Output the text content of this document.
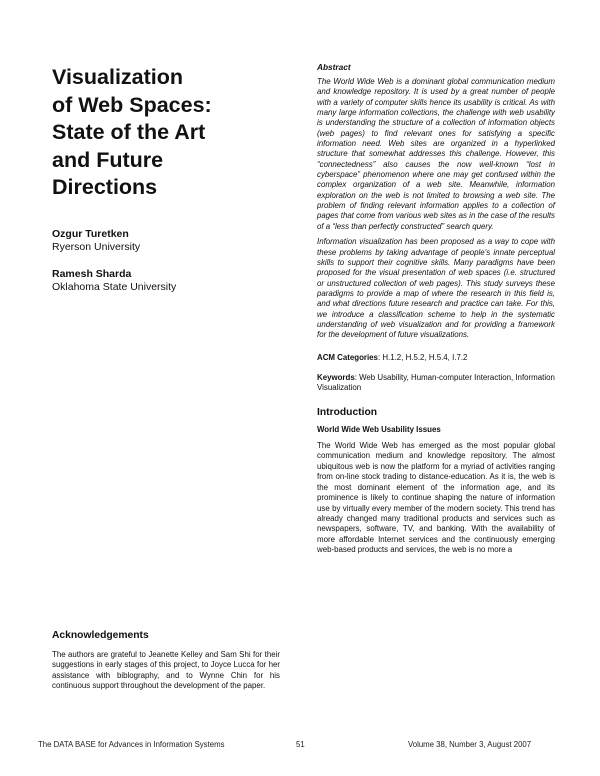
Visualization
of Web Spaces:
State of the Art
and Future
Directions

Ozgur Turetken

Ryerson University

Ramesh Sharda

Oklahoma State University

Abstract

The World Wide Web is a dominant global communication medium and knowledge repository. It is used by a great number of people with a variety of computer skills hence its usability is critical. As with many large information collections, the challenge with web usability is understanding the structure of a collection of information objects (web pages) to find relevant ones for satisfying a specific information need. Web sites are organized in a hyperlinked structure that somewhat addresses this challenge. However, this “connectedness” also causes the now well-known “lost in cyberspace” phenomenon where one may get confused within the complex organization of a web site. Meanwhile, information exploration on the web is not limited to browsing a web site. The problem of finding relevant information applies to a collection of pages that come from various web sites as in the case of the results of a “less than perfectly constructed” search query.

Information visualization has been proposed as a way to cope with these problems by taking advantage of people’s innate perceptual skills to support their cognitive skills. Many paradigms have been proposed for the visual presentation of web spaces (i.e. structured or unstructured collection of web pages). This study surveys these paradigms to provide a map of where the research in this field is, and what directions future research and practice can take. For this, we introduce a classification scheme to help in the systematic understanding of web visualization and for providing a framework for the development of future visualizations.

ACM Categories: H.1.2, H.5.2, H.5.4, I.7.2

Keywords: Web Usability, Human-computer Interaction, Information Visualization

Introduction
World Wide Web Usability Issues

The World Wide Web has emerged as the most popular global communication medium and knowledge repository. The almost ubiquitous web is now the platform for a myriad of activities ranging from on-line stock trading to distance-education. As it is, the web is the most dominant element of the information age, and its prominence is likely to continue shaping the nature of information use by virtually every member of the modern society. This trend has already changed many traditional products and services such as newspapers, software, TV, and banking. With the availability of more affordable Internet services and the continuously emerging web-based products and services, the web is no more a

Acknowledgements

The authors are grateful to Jeanette Kelley and Sam Shi for their suggestions in early stages of this project, to Joyce Lucca for her assistance with biblography, and to Wynne Chin for his continuous support throughout the development of the paper.

The DATA BASE for Advances in Information Systems	51	Volume 38, Number 3, August 2007
